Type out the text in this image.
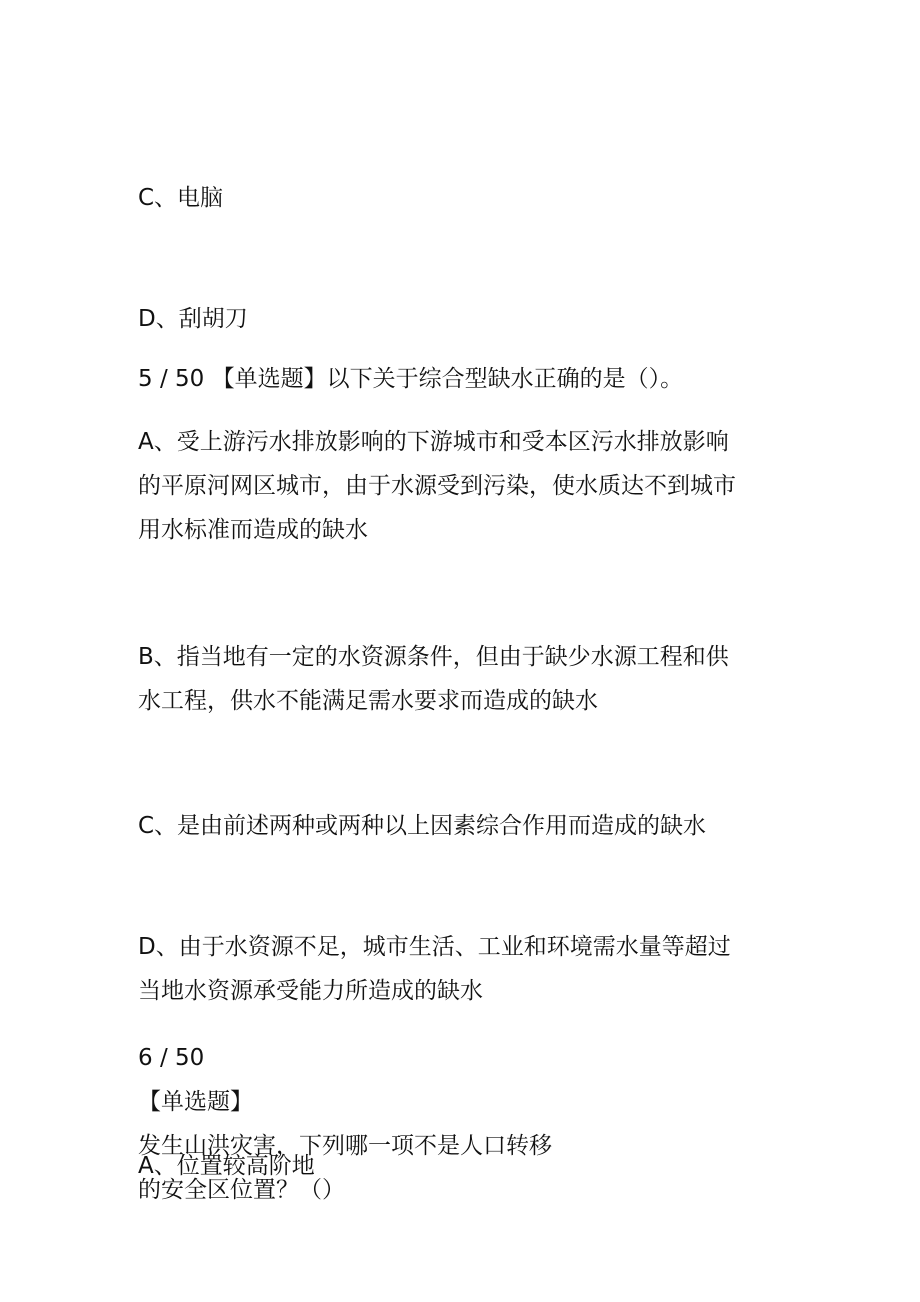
C、电脑
D、刮胡刀
5 / 50 【单选题】以下关于综合型缺水正确的是（）。
A、受上游污水排放影响的下游城市和受本区污水排放影响
的平原河网区城市，由于水源受到污染，使水质达不到城市
用水标准而造成的缺水
B、指当地有一定的水资源条件，但由于缺少水源工程和供
水工程，供水不能满足需水要求而造成的缺水
C、是由前述两种或两种以上因素综合作用而造成的缺水
D、由于水资源不足，城市生活、工业和环境需水量等超过
当地水资源承受能力所造成的缺水
6 / 50
【单选题】
发生山洪灾害，下列哪一项不是人口转移
的安全区位置？（）
A、位置较高阶地
